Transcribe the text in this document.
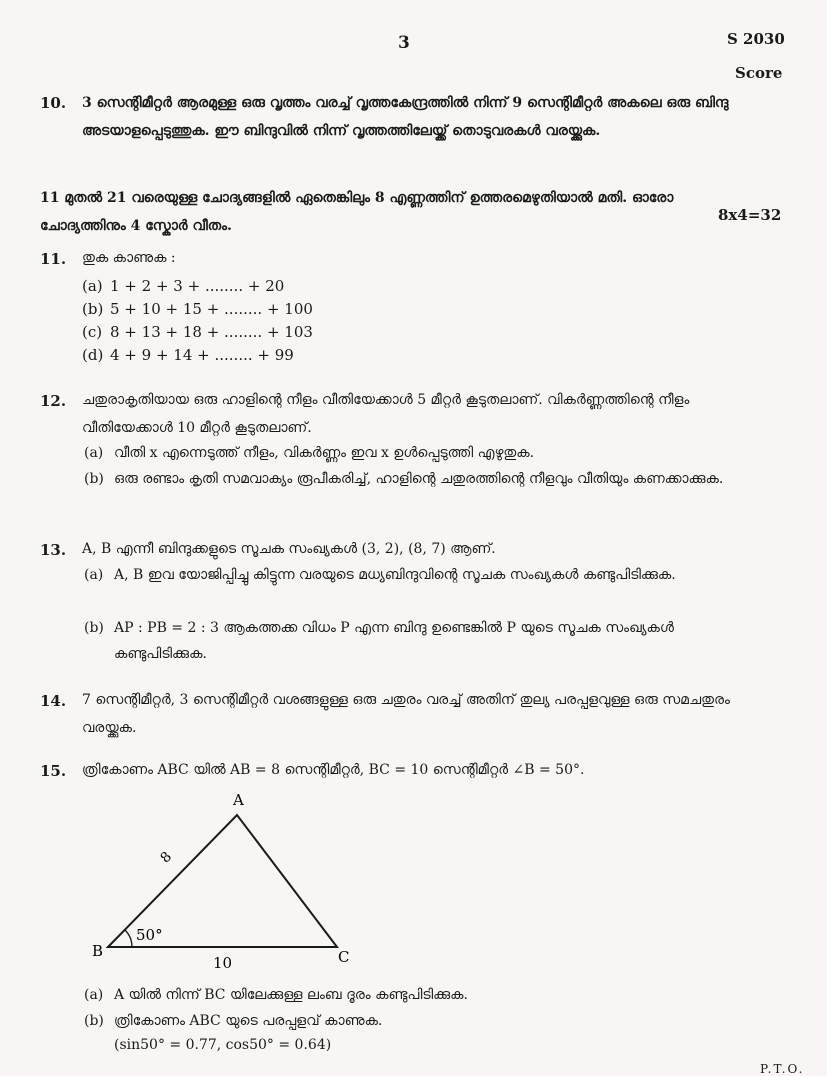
3	S 2030
Score
10. 3 സെന്റിമീറ്റർ ആരമുള്ള ഒരു വൃത്തം വരച്ച് വൃത്തകേന്ദ്രത്തിൽ നിന്ന് 9 സെന്റിമീറ്റർ അകലെ ഒരു ബിന്ദു അടയാളപ്പെടുത്തുക. ഈ ബിന്ദുവിൽ നിന്ന് വൃത്തത്തിലേയ്ക്ക് തൊടുവരകൾ വരയ്ക്കുക.
11 മുതൽ 21 വരെയുള്ള ചോദ്യങ്ങളിൽ ഏതെങ്കിലും 8 എണ്ണത്തിന് ഉത്തരമെഴുതിയാൽ മതി. ഓരോ ചോദ്യത്തിനും 4 സ്കോർ വീതം.
8x4=32
11. തുക കാണുക :
(a) 1 + 2 + 3 + ........ + 20
(b) 5 + 10 + 15 + ........ + 100
(c) 8 + 13 + 18 + ........ + 103
(d) 4 + 9 + 14 + ........ + 99
12. ചതുരാകൃതിയായ ഒരു ഹാളിന്റെ നീളം വീതിയേക്കാൾ 5 മീറ്റർ കൂടുതലാണ്. വികർണ്ണത്തിന്റെ നീളം വീതിയേക്കാൾ 10 മീറ്റർ കൂടുതലാണ്.
(a) വീതി x എന്നെടുത്ത് നീളം, വികർണ്ണം ഇവ x ഉൾപ്പെടുത്തി എഴുതുക.
(b) ഒരു രണ്ടാം കൃതി സമവാക്യം രൂപീകരിച്ച്, ഹാളിന്റെ ചതുരത്തിന്റെ നീളവും വീതിയും കണക്കാക്കുക.
13. A, B എന്നീ ബിന്ദുക്കളുടെ സൂചക സംഖ്യകൾ (3, 2), (8, 7) ആണ്.
(a) A, B ഇവ യോജിപ്പിച്ചു കിട്ടുന്ന വരയുടെ മധ്യബിന്ദുവിന്റെ സൂചക സംഖ്യകൾ കണ്ടുപിടിക്കുക.
(b) AP : PB = 2 : 3 ആകത്തക്ക വിധം P എന്ന ബിന്ദു ഉണ്ടെങ്കിൽ P യുടെ സൂചക സംഖ്യകൾ കണ്ടുപിടിക്കുക.
14. 7 സെന്റിമീറ്റർ, 3 സെന്റിമീറ്റർ വശങ്ങളുള്ള ഒരു ചതുരം വരച്ച് അതിന് തുല്യ പരപ്പളവുള്ള ഒരു സമചതുരം വരയ്ക്കുക.
15. ത്രികോണം ABC യിൽ AB = 8 സെന്റിമീറ്റർ, BC = 10 സെന്റിമീറ്റർ ∠B = 50°.
A
B	C
8
10
50°
(a) A യിൽ നിന്ന് BC യിലേക്കുള്ള ലംബ ദൂരം കണ്ടുപിടിക്കുക.
(b) ത്രികോണം ABC യുടെ പരപ്പളവ് കാണുക.
(sin50° = 0.77, cos50° = 0.64)
P.T.O.
